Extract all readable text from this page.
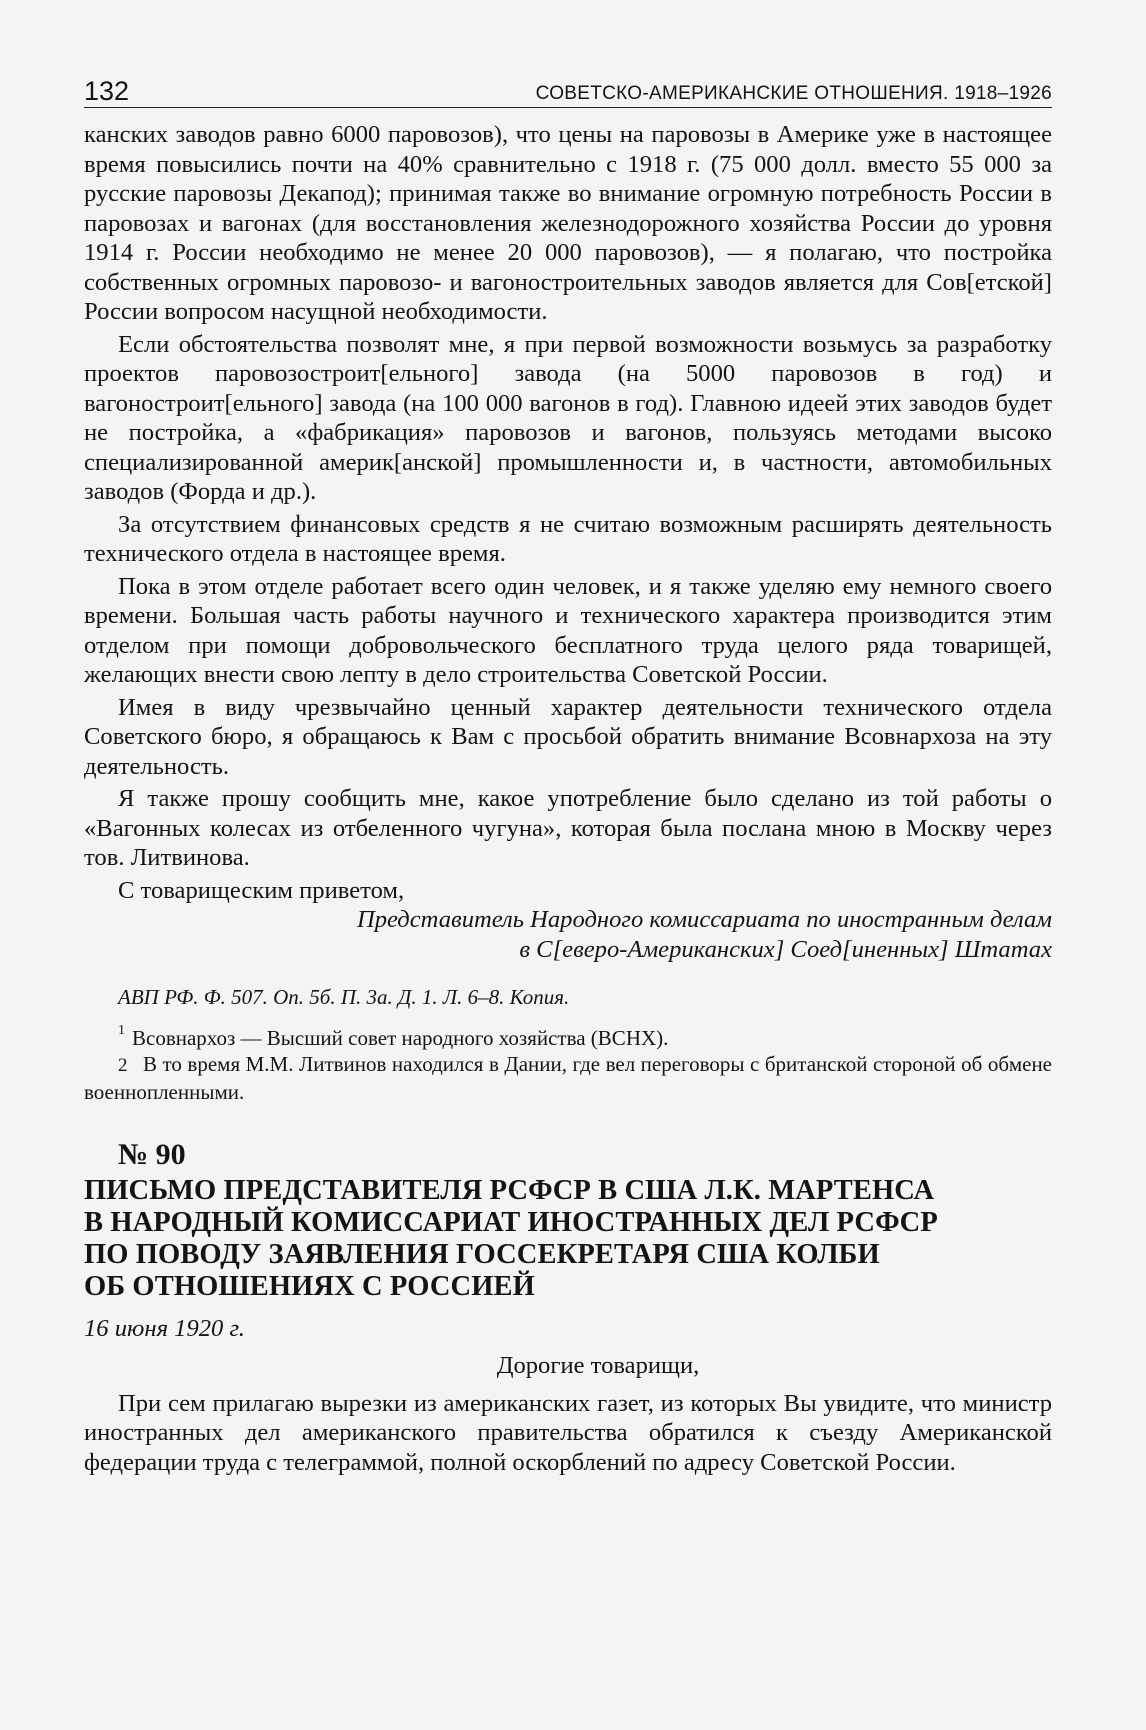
132	СОВЕТСКО-АМЕРИКАНСКИЕ ОТНОШЕНИЯ. 1918–1926

канских заводов равно 6000 паровозов), что цены на паровозы в Америке уже в настоящее время повысились почти на 40% сравнительно с 1918 г. (75 000 долл. вместо 55 000 за русские паровозы Декапод); принимая также во внимание огромную потребность России в паровозах и вагонах (для восстановления железнодорожного хозяйства России до уровня 1914 г. России необходимо не менее 20 000 паровозов), — я полагаю, что постройка собственных огромных паровозо- и вагоностроительных заводов является для Сов[етской] России вопросом насущной необходимости.

Если обстоятельства позволят мне, я при первой возможности возьмусь за разработку проектов паровозостроит[ельного] завода (на 5000 паровозов в год) и вагоностроит[ельного] завода (на 100 000 вагонов в год). Главною идеей этих заводов будет не постройка, а «фабрикация» паровозов и вагонов, пользуясь методами высоко специализированной америк[анской] промышленности и, в частности, автомобильных заводов (Форда и др.).

За отсутствием финансовых средств я не считаю возможным расширять деятельность технического отдела в настоящее время.

Пока в этом отделе работает всего один человек, и я также уделяю ему немного своего времени. Большая часть работы научного и технического характера производится этим отделом при помощи добровольческого бесплатного труда целого ряда товарищей, желающих внести свою лепту в дело строительства Советской России.

Имея в виду чрезвычайно ценный характер деятельности технического отдела Советского бюро, я обращаюсь к Вам с просьбой обратить внимание Всовнархоза на эту деятельность.

Я также прошу сообщить мне, какое употребление было сделано из той работы о «Вагонных колесах из отбеленного чугуна», которая была послана мною в Москву через тов. Литвинова.

С товарищеским приветом,

Представитель Народного комиссариата по иностранным делам

в С[еверо-Американских] Соед[иненных] Штатах

АВП РФ. Ф. 507. Оп. 5б. П. 3а. Д. 1. Л. 6–8. Копия.

1 Всовнархоз — Высший совет народного хозяйства (ВСНХ).

2 В то время М.М. Литвинов находился в Дании, где вел переговоры с британской стороной об обмене военнопленными.

№ 90
ПИСЬМО ПРЕДСТАВИТЕЛЯ РСФСР В США Л.К. МАРТЕНСА
В НАРОДНЫЙ КОМИССАРИАТ ИНОСТРАННЫХ ДЕЛ РСФСР
ПО ПОВОДУ ЗАЯВЛЕНИЯ ГОССЕКРЕТАРЯ США КОЛБИ
ОБ ОТНОШЕНИЯХ С РОССИЕЙ
16 июня 1920 г.

Дорогие товарищи,

При сем прилагаю вырезки из американских газет, из которых Вы увидите, что министр иностранных дел американского правительства обратился к съезду Американской федерации труда с телеграммой, полной оскорблений по адресу Советской России.
